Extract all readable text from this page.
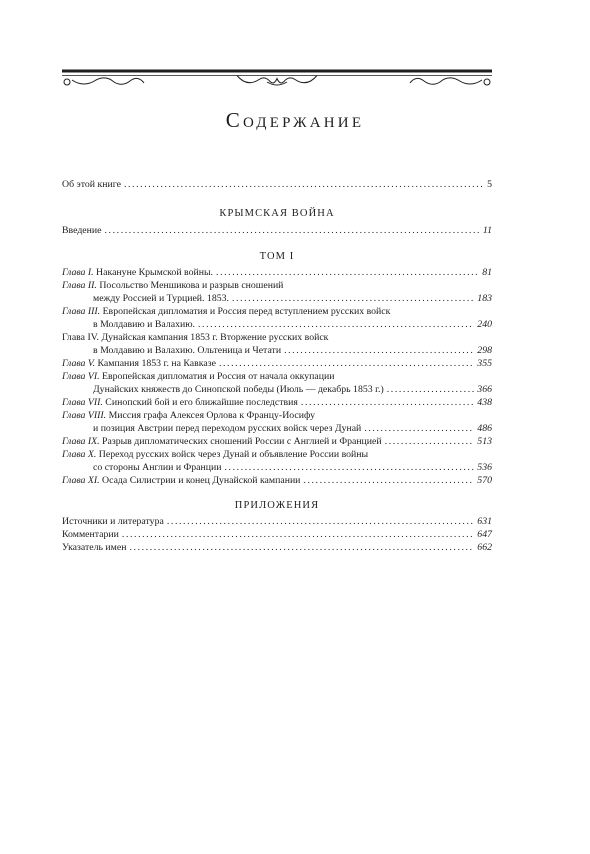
Содержание
Об этой книге .....	5
КРЫМСКАЯ ВОЙНА
Введение .....	11
ТОМ I
Глава I. Накануне Крымской войны. .....	81
Глава II. Посольство Меншикова и разрыв сношений
между Россией и Турцией. 1853. .....	183
Глава III. Европейская дипломатия и Россия перед вступлением русских войск
в Молдавию и Валахию. .....	240
Глава IV. Дунайская кампания 1853 г. Вторжение русских войск
в Молдавию и Валахию. Ольтеница и Четати .....	298
Глава V. Кампания 1853 г. на Кавказе .....	355
Глава VI. Европейская дипломатия и Россия от начала оккупации
Дунайских княжеств до Синопской победы (Июль — декабрь 1853 г.) .....	366
Глава VII. Синопский бой и его ближайшие последствия .....	438
Глава VIII. Миссия графа Алексея Орлова к Францу-Иосифу
и позиция Австрии перед переходом русских войск через Дунай .....	486
Глава IX. Разрыв дипломатических сношений России с Англией и Францией .....	513
Глава X. Переход русских войск через Дунай и объявление России войны
со стороны Англии и Франции .....	536
Глава XI. Осада Силистрии и конец Дунайской кампании .....	570
ПРИЛОЖЕНИЯ
Источники и литература .....	631
Комментарии .....	647
Указатель имен .....	662
